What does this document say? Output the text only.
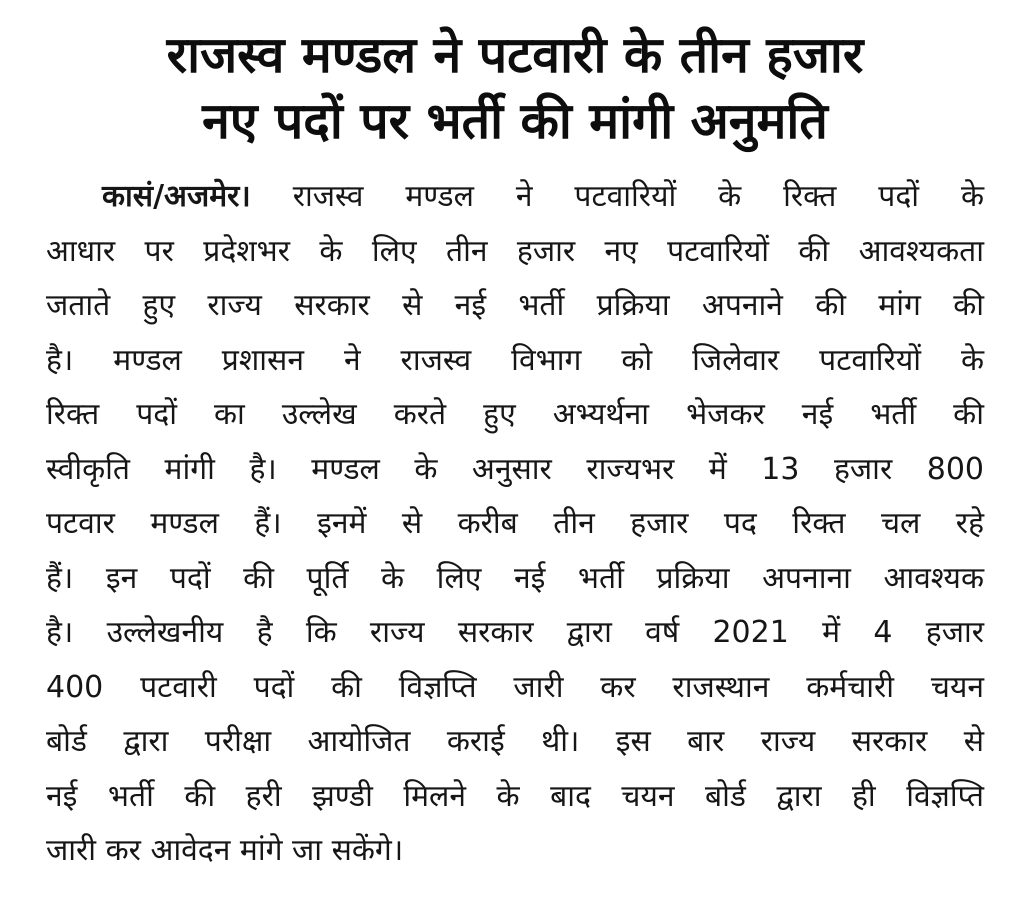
राजस्व मण्डल ने पटवारी के तीन हजार
नए पदों पर भर्ती की मांगी अनुमति
कासं/अजमेर। राजस्व मण्डल ने पटवारियों के रिक्त पदों के
आधार पर प्रदेशभर के लिए तीन हजार नए पटवारियों की आवश्यकता
जताते हुए राज्य सरकार से नई भर्ती प्रक्रिया अपनाने की मांग की
है। मण्डल प्रशासन ने राजस्व विभाग को जिलेवार पटवारियों के
रिक्त पदों का उल्लेख करते हुए अभ्यर्थना भेजकर नई भर्ती की
स्वीकृति मांगी है। मण्डल के अनुसार राज्यभर में 13 हजार 800
पटवार मण्डल हैं। इनमें से करीब तीन हजार पद रिक्त चल रहे
हैं। इन पदों की पूर्ति के लिए नई भर्ती प्रक्रिया अपनाना आवश्यक
है। उल्लेखनीय है कि राज्य सरकार द्वारा वर्ष 2021 में 4 हजार
400 पटवारी पदों की विज्ञप्ति जारी कर राजस्थान कर्मचारी चयन
बोर्ड द्वारा परीक्षा आयोजित कराई थी। इस बार राज्य सरकार से
नई भर्ती की हरी झण्डी मिलने के बाद चयन बोर्ड द्वारा ही विज्ञप्ति
जारी कर आवेदन मांगे जा सकेंगे।
